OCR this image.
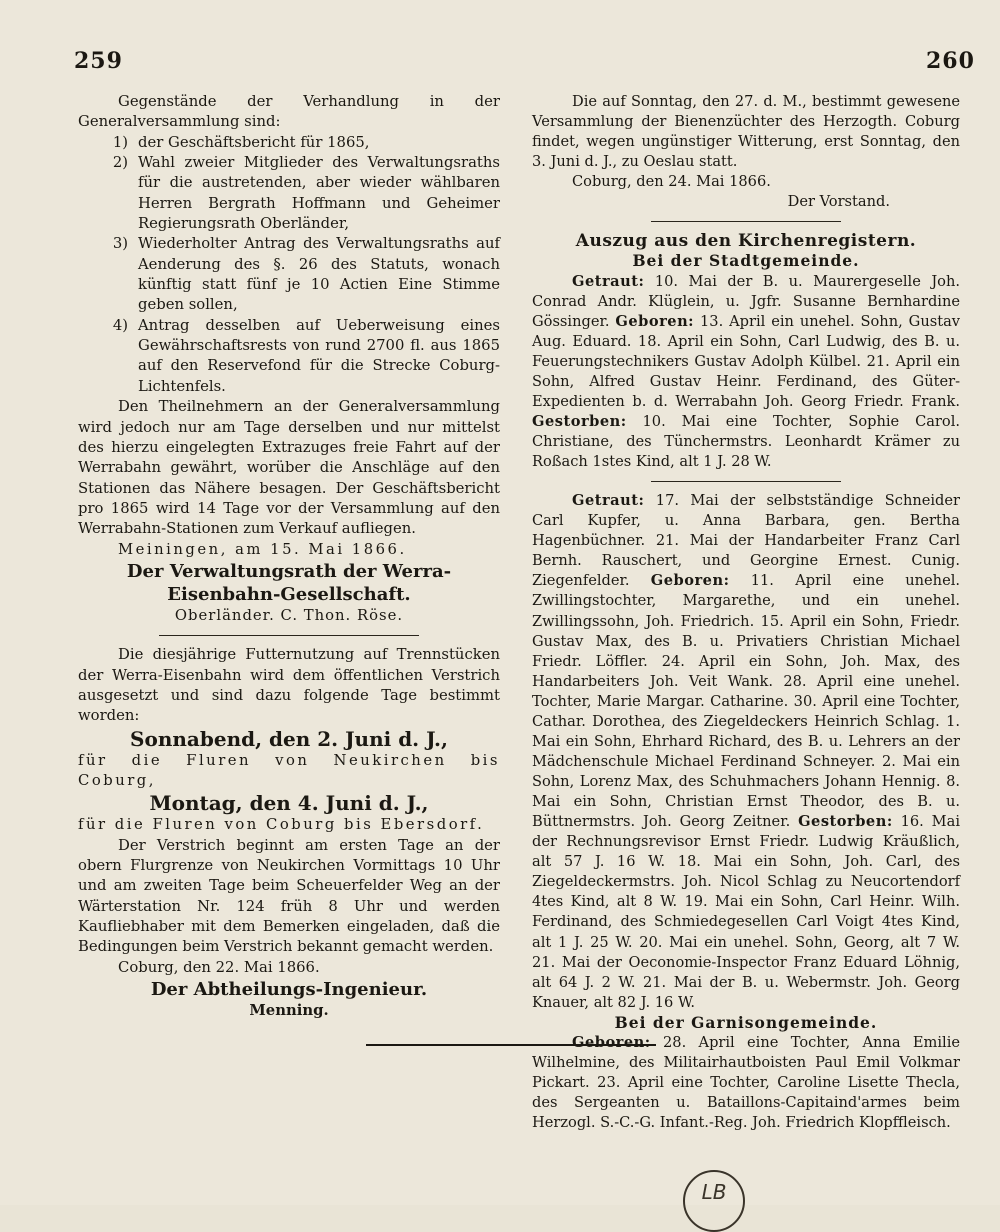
259	260

Gegenstände der Verhandlung in der Generalversammlung sind:

1) der Geschäftsbericht für 1865,
2) Wahl zweier Mitglieder des Verwaltungsraths für die austretenden, aber wieder wählbaren Herren Bergrath Hoffmann und Geheimer Regierungsrath Oberländer,
3) Wiederholter Antrag des Verwaltungsraths auf Aenderung des §. 26 des Statuts, wonach künftig statt fünf je 10 Actien Eine Stimme geben sollen,
4) Antrag desselben auf Ueberweisung eines Gewährschaftsrests von rund 2700 fl. aus 1865 auf den Reservefond für die Strecke Coburg-Lichtenfels.

Den Theilnehmern an der Generalversammlung wird jedoch nur am Tage derselben und nur mittelst des hierzu eingelegten Extrazuges freie Fahrt auf der Werrabahn gewährt, worüber die Anschläge auf den Stationen das Nähere besagen. Der Geschäftsbericht pro 1865 wird 14 Tage vor der Versammlung auf den Werrabahn-Stationen zum Verkauf aufliegen.

Meiningen, am 15. Mai 1866.

Der Verwaltungsrath der Werra-

Eisenbahn-Gesellschaft.

Oberländer. C. Thon. Röse.

Die diesjährige Futternutzung auf Trennstücken der Werra-Eisenbahn wird dem öffentlichen Verstrich ausgesetzt und sind dazu folgende Tage bestimmt worden:

Sonnabend, den 2. Juni d. J.,

für die Fluren von Neukirchen bis Coburg,

Montag, den 4. Juni d. J.,

für die Fluren von Coburg bis Ebersdorf.

Der Verstrich beginnt am ersten Tage an der obern Flurgrenze von Neukirchen Vormittags 10 Uhr und am zweiten Tage beim Scheuerfelder Weg an der Wärterstation Nr. 124 früh 8 Uhr und werden Kaufliebhaber mit dem Bemerken eingeladen, daß die Bedingungen beim Verstrich bekannt gemacht werden.

Coburg, den 22. Mai 1866.

Der Abtheilungs-Ingenieur.

Menning.

Die auf Sonntag, den 27. d. M., bestimmt gewesene Versammlung der Bienenzüchter des Herzogth. Coburg findet, wegen ungünstiger Witterung, erst Sonntag, den 3. Juni d. J., zu Oeslau statt.

Coburg, den 24. Mai 1866.

Der Vorstand.

Auszug aus den Kirchenregistern.

Bei der Stadtgemeinde.

Getraut: 10. Mai der B. u. Maurergeselle Joh. Conrad Andr. Klüglein, u. Jgfr. Susanne Bernhardine Gössinger. Geboren: 13. April ein unehel. Sohn, Gustav Aug. Eduard. 18. April ein Sohn, Carl Ludwig, des B. u. Feuerungstechnikers Gustav Adolph Külbel. 21. April ein Sohn, Alfred Gustav Heinr. Ferdinand, des Güter-Expedienten b. d. Werrabahn Joh. Georg Friedr. Frank. Gestorben: 10. Mai eine Tochter, Sophie Carol. Christiane, des Tünchermstrs. Leonhardt Krämer zu Roßach 1stes Kind, alt 1 J. 28 W.

Getraut: 17. Mai der selbstständige Schneider Carl Kupfer, u. Anna Barbara, gen. Bertha Hagenbüchner. 21. Mai der Handarbeiter Franz Carl Bernh. Rauschert, und Georgine Ernest. Cunig. Ziegenfelder. Geboren: 11. April eine unehel. Zwillingstochter, Margarethe, und ein unehel. Zwillingssohn, Joh. Friedrich. 15. April ein Sohn, Friedr. Gustav Max, des B. u. Privatiers Christian Michael Friedr. Löffler. 24. April ein Sohn, Joh. Max, des Handarbeiters Joh. Veit Wank. 28. April eine unehel. Tochter, Marie Margar. Catharine. 30. April eine Tochter, Cathar. Dorothea, des Ziegeldeckers Heinrich Schlag. 1. Mai ein Sohn, Ehrhard Richard, des B. u. Lehrers an der Mädchenschule Michael Ferdinand Schneyer. 2. Mai ein Sohn, Lorenz Max, des Schuhmachers Johann Hennig. 8. Mai ein Sohn, Christian Ernst Theodor, des B. u. Büttnermstrs. Joh. Georg Zeitner. Gestorben: 16. Mai der Rechnungsrevisor Ernst Friedr. Ludwig Kräußlich, alt 57 J. 16 W. 18. Mai ein Sohn, Joh. Carl, des Ziegeldeckermstrs. Joh. Nicol Schlag zu Neucortendorf 4tes Kind, alt 8 W. 19. Mai ein Sohn, Carl Heinr. Wilh. Ferdinand, des Schmiedegesellen Carl Voigt 4tes Kind, alt 1 J. 25 W. 20. Mai ein unehel. Sohn, Georg, alt 7 W. 21. Mai der Oeconomie-Inspector Franz Eduard Löhnig, alt 64 J. 2 W. 21. Mai der B. u. Webermstr. Joh. Georg Knauer, alt 82 J. 16 W.

Bei der Garnisongemeinde.

Geboren: 28. April eine Tochter, Anna Emilie Wilhelmine, des Militairhautboisten Paul Emil Volkmar Pickart. 23. April eine Tochter, Caroline Lisette Thecla, des Sergeanten u. Bataillons-Capitaind'armes beim Herzogl. S.-C.-G. Infant.-Reg. Joh. Friedrich Klopffleisch.

LB
